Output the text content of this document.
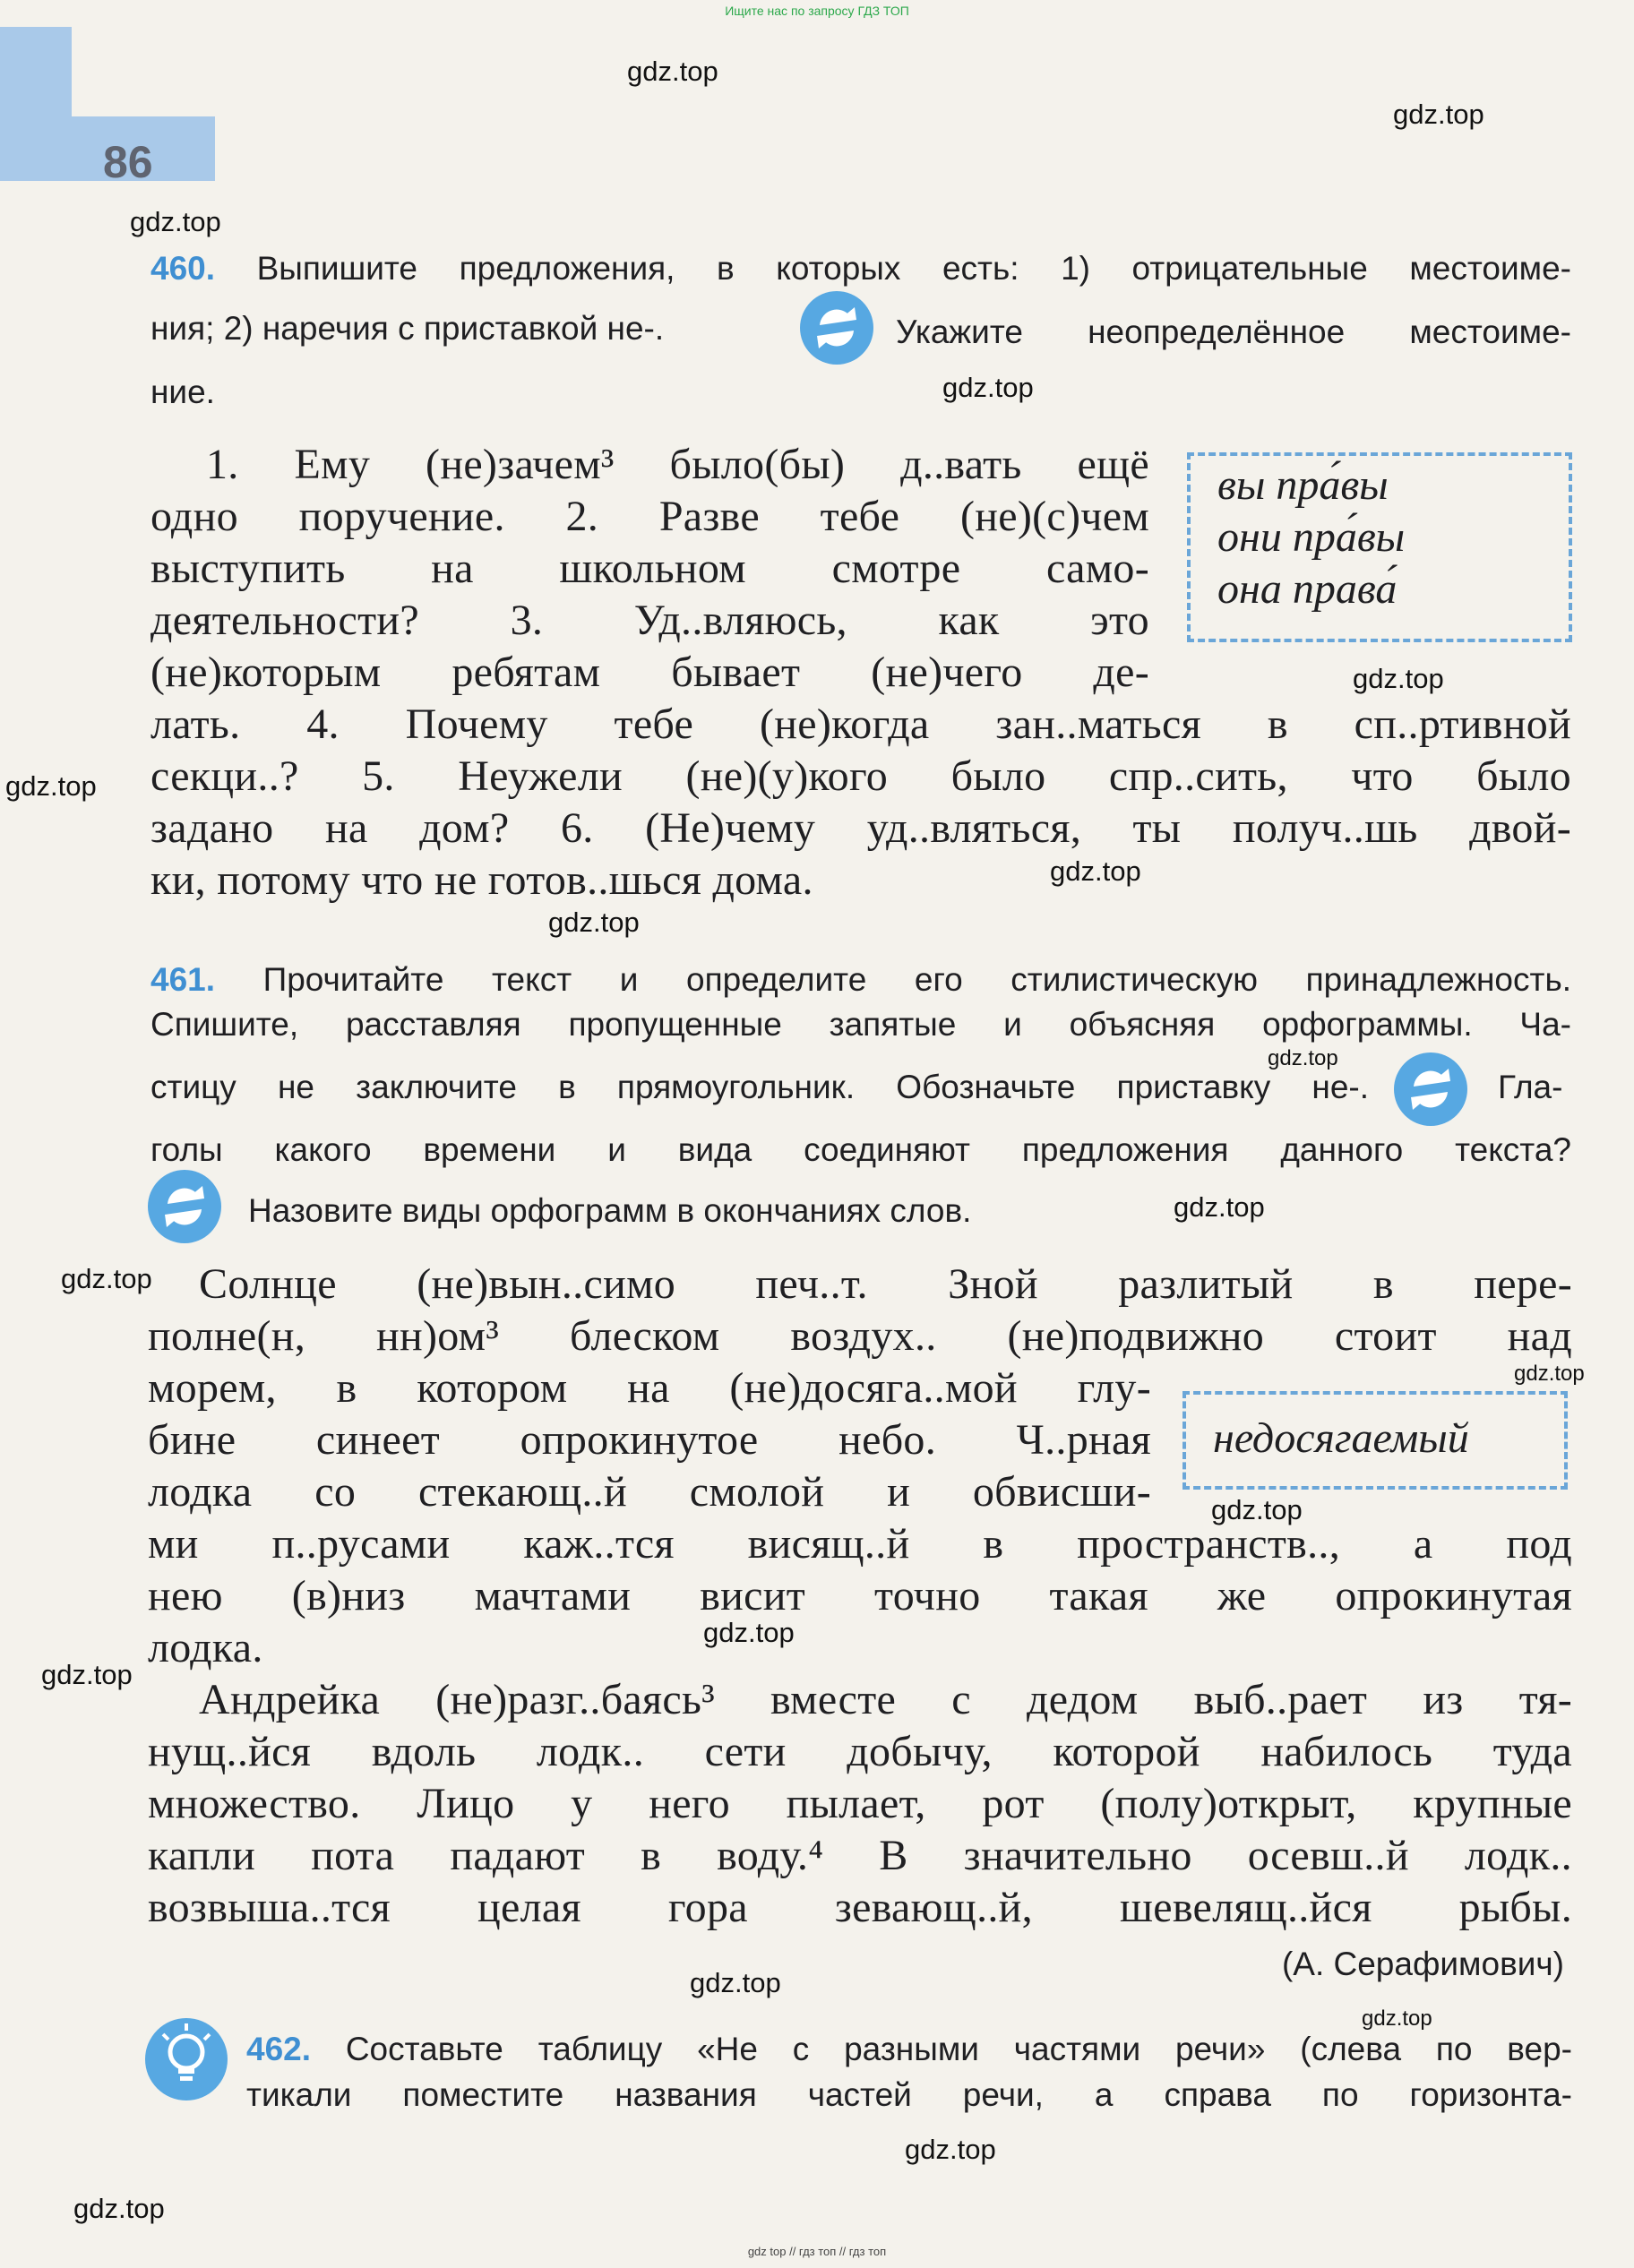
86
Ищите нас по запросу ГДЗ ТОП
gdz top // гдз топ // гдз топ
gdz.top
gdz.top
gdz.top
gdz.top
gdz.top
gdz.top
gdz.top
gdz.top
gdz.top
gdz.top
gdz.top
gdz.top
gdz.top
gdz.top
gdz.top
gdz.top
gdz.top
gdz.top
gdz.top
460. Выпишите предложения, в которых есть: 1) отрицательные местоиме-
ния; 2) наречия с приставкой не-.	Укажите неопределённое местоиме-
ние.
1. Ему (не)зачем³ было(бы) д..вать ещё
одно поручение. 2. Разве тебе (не)(с)чем
выступить на школьном смотре само-
деятельности? 3. Уд..вляюсь, как это
(не)которым ребятам бывает (не)чего де-
лать. 4. Почему тебе (не)когда зан..маться в сп..ртивной
секци..? 5. Неужели (не)(у)кого было спр..сить, что было
задано на дом? 6. (Не)чему уд..вляться, ты получ..шь двой-
ки, потому что не готов..шься дома.
вы пра́вы
они пра́вы
она права́
461. Прочитайте текст и определите его стилистическую принадлежность.
Спишите, расставляя пропущенные запятые и объясняя орфограммы. Ча-
стицу не заключите в прямоугольник. Обозначьте приставку не-.	Гла-
голы какого времени и вида соединяют предложения данного текста?
Назовите виды орфограмм в окончаниях слов.
Солнце (не)вын..симо печ..т. Зной разлитый в пере-
полне(н, нн)ом³ блеском воздух.. (не)подвижно стоит над
морем, в котором на (не)досяга..мой глу-
бине синеет опрокинутое небо. Ч..рная
лодка со стекающ..й смолой и обвисши-
ми п..русами каж..тся висящ..й в пространств.., а под
нею (в)низ мачтами висит точно такая же опрокинутая
лодка.
Андрейка (не)разг..баясь³ вместе с дедом выб..рает из тя-
нущ..йся вдоль лодк.. сети добычу, которой набилось туда
множество. Лицо у него пылает, рот (полу)открыт, крупные
капли пота падают в воду.⁴ В значительно осевш..й лодк..
возвыша..тся целая гора зевающ..й, шевелящ..йся рыбы.
недосягаемый
(А. Серафимович)
462. Составьте таблицу «Не с разными частями речи» (слева по вер-
тикали поместите названия частей речи, а справа по горизонта-
